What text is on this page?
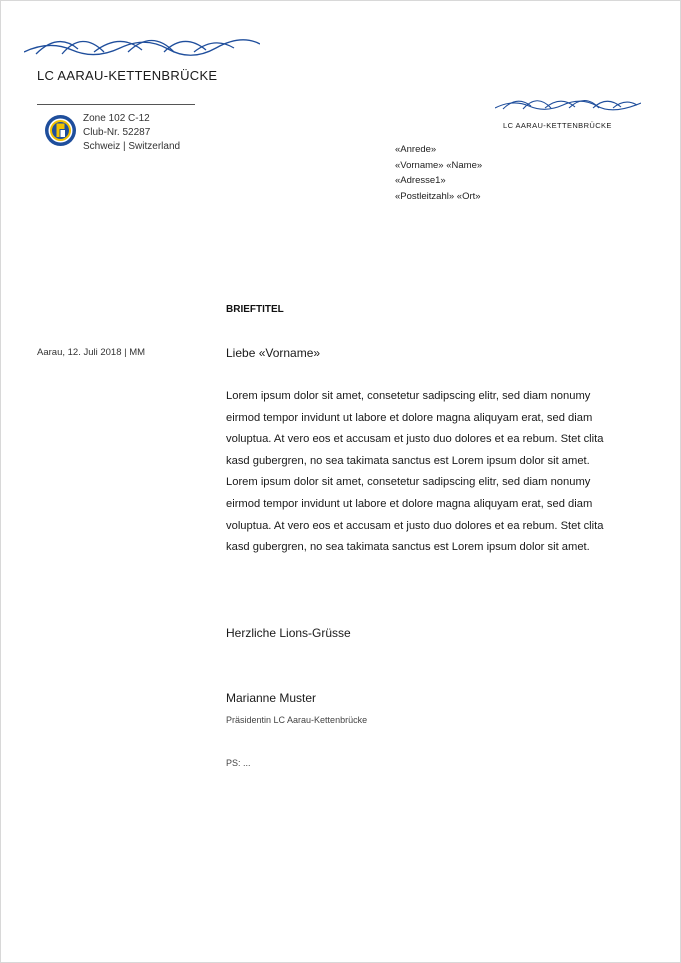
LC AARAU-KETTENBRÜCKE
Zone 102 C-12
Club-Nr. 52287
Schweiz | Switzerland
LC AARAU-KETTENBRÜCKE
«Anrede»
«Vorname» «Name»
«Adresse1»
«Postleitzahl» «Ort»
BRIEFTITEL
Aarau, 12. Juli 2018 | MM	Liebe «Vorname»
Lorem ipsum dolor sit amet, consetetur sadipscing elitr, sed diam nonumy
eirmod tempor invidunt ut labore et dolore magna aliquyam erat, sed diam
voluptua. At vero eos et accusam et justo duo dolores et ea rebum. Stet clita
kasd gubergren, no sea takimata sanctus est Lorem ipsum dolor sit amet.
Lorem ipsum dolor sit amet, consetetur sadipscing elitr, sed diam nonumy
eirmod tempor invidunt ut labore et dolore magna aliquyam erat, sed diam
voluptua. At vero eos et accusam et justo duo dolores et ea rebum. Stet clita
kasd gubergren, no sea takimata sanctus est Lorem ipsum dolor sit amet.
Herzliche Lions-Grüsse
Marianne Muster
Präsidentin LC Aarau-Kettenbrücke
PS: ...
